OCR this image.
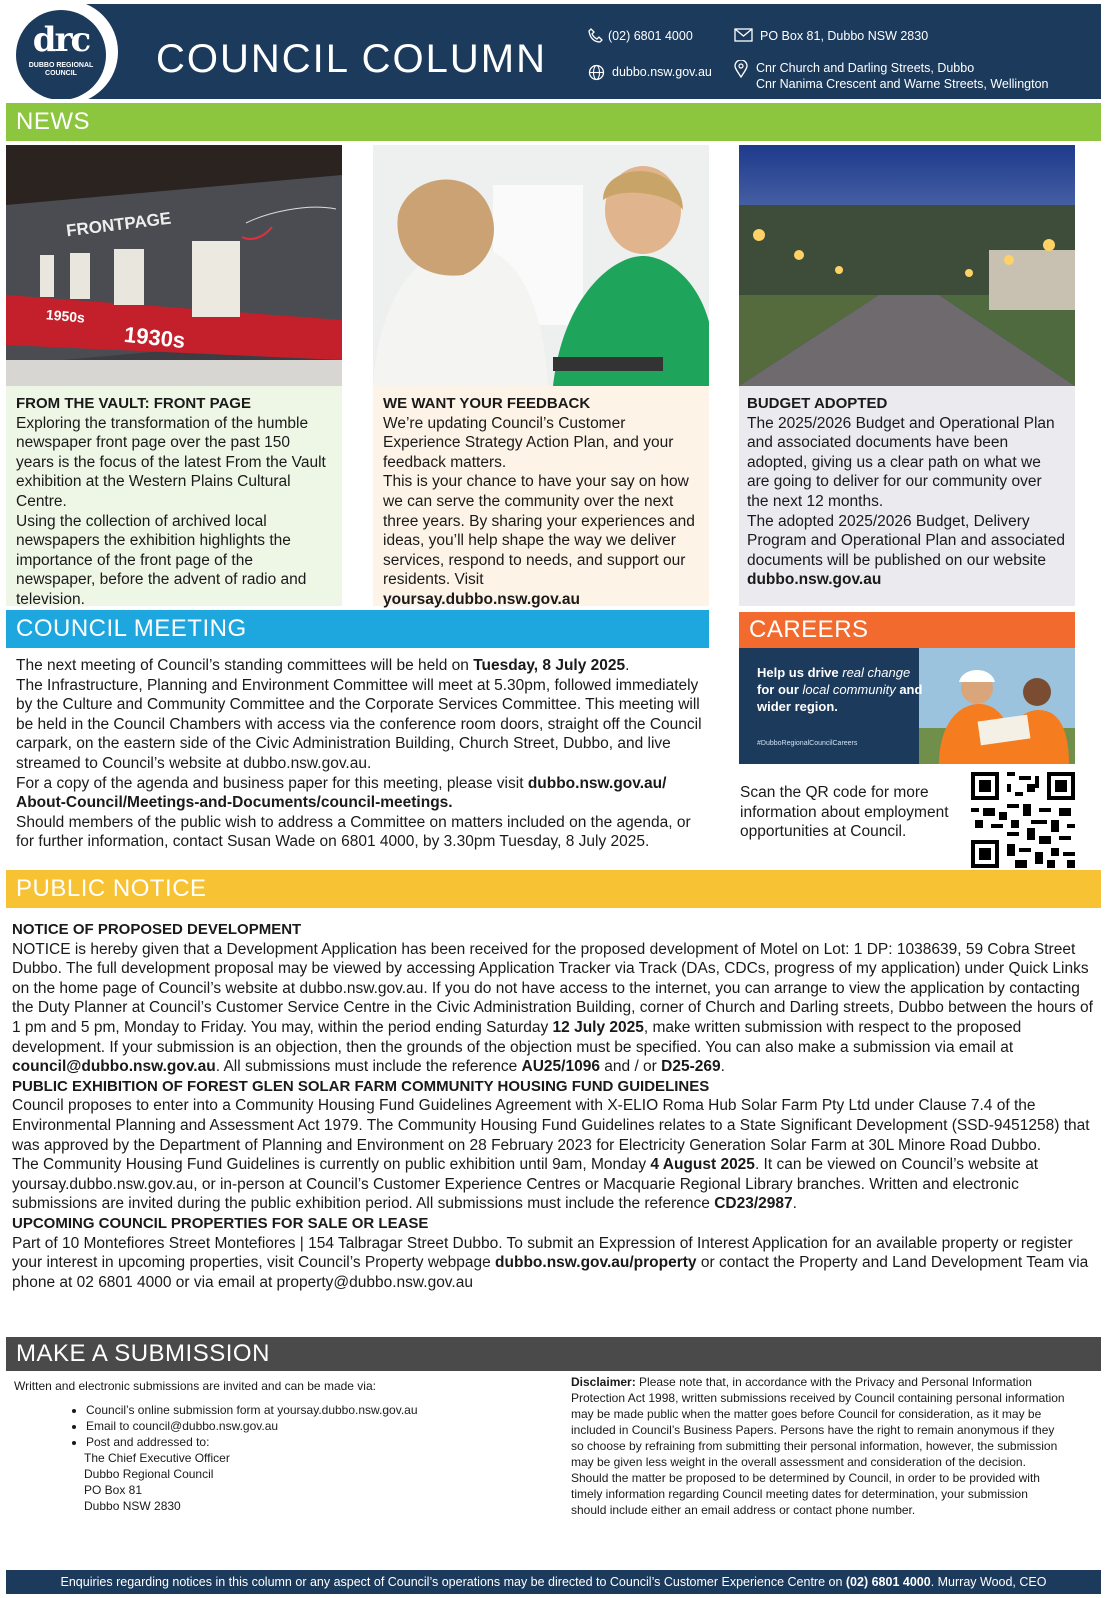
drc
DUBBO REGIONAL
COUNCIL	COUNCIL COLUMN
(02) 6801 4000
dubbo.nsw.gov.au
PO Box 81, Dubbo NSW 2830
Cnr Church and Darling Streets, Dubbo
Cnr Nanima Crescent and Warne Streets, Wellington
NEWS
FRONTPAGE
1950s
1930s
FROM THE VAULT: FRONT PAGE
Exploring the transformation of the humble newspaper front page over the past 150 years is the focus of the latest From the Vault exhibition at the Western Plains Cultural Centre.
Using the collection of archived local newspapers the exhibition highlights the importance of the front page of the newspaper, before the advent of radio and television.
WE WANT YOUR FEEDBACK
We’re updating Council’s Customer Experience Strategy Action Plan, and your feedback matters.
This is your chance to have your say on how we can serve the community over the next three years. By sharing your experiences and ideas, you’ll help shape the way we deliver services, respond to needs, and support our residents. Visit
yoursay.dubbo.nsw.gov.au
BUDGET ADOPTED
The 2025/2026 Budget and Operational Plan and associated documents have been adopted, giving us a clear path on what we are going to deliver for our community over the next 12 months.
The adopted 2025/2026 Budget, Delivery Program and Operational Plan and associated documents will be published on our website
dubbo.nsw.gov.au
COUNCIL MEETING
The next meeting of Council’s standing committees will be held on Tuesday, 8 July 2025.
The Infrastructure, Planning and Environment Committee will meet at 5.30pm, followed immediately by the Culture and Community Committee and the Corporate Services Committee. This meeting will be held in the Council Chambers with access via the conference room doors, straight off the Council carpark, on the eastern side of the Civic Administration Building, Church Street, Dubbo, and live streamed to Council’s website at dubbo.nsw.gov.au.
For a copy of the agenda and business paper for this meeting, please visit dubbo.nsw.gov.au/ About-Council/Meetings-and-Documents/council-meetings.
Should members of the public wish to address a Committee on matters included on the agenda, or for further information, contact Susan Wade on 6801 4000, by 3.30pm Tuesday, 8 July 2025.
CAREERS
Help us drive real change for our local community and wider region.
#DubboRegionalCouncilCareers
Scan the QR code for more information about employment opportunities at Council.
PUBLIC NOTICE
NOTICE OF PROPOSED DEVELOPMENT
NOTICE is hereby given that a Development Application has been received for the proposed development of Motel on Lot: 1 DP: 1038639, 59 Cobra Street Dubbo. The full development proposal may be viewed by accessing Application Tracker via Track (DAs, CDCs, progress of my application) under Quick Links on the home page of Council’s website at dubbo.nsw.gov.au. If you do not have access to the internet, you can arrange to view the application by contacting the Duty Planner at Council’s Customer Service Centre in the Civic Administration Building, corner of Church and Darling streets, Dubbo between the hours of 1 pm and 5 pm, Monday to Friday. You may, within the period ending Saturday 12 July 2025, make written submission with respect to the proposed development. If your submission is an objection, then the grounds of the objection must be specified. You can also make a submission via email at council@dubbo.nsw.gov.au. All submissions must include the reference AU25/1096 and / or D25-269.
PUBLIC EXHIBITION OF FOREST GLEN SOLAR FARM COMMUNITY HOUSING FUND GUIDELINES
Council proposes to enter into a Community Housing Fund Guidelines Agreement with X-ELIO Roma Hub Solar Farm Pty Ltd under Clause 7.4 of the Environmental Planning and Assessment Act 1979. The Community Housing Fund Guidelines relates to a State Significant Development (SSD-9451258) that was approved by the Department of Planning and Environment on 28 February 2023 for Electricity Generation Solar Farm at 30L Minore Road Dubbo.
The Community Housing Fund Guidelines is currently on public exhibition until 9am, Monday 4 August 2025. It can be viewed on Council’s website at yoursay.dubbo.nsw.gov.au, or in-person at Council’s Customer Experience Centres or Macquarie Regional Library branches. Written and electronic submissions are invited during the public exhibition period. All submissions must include the reference CD23/2987.
UPCOMING COUNCIL PROPERTIES FOR SALE OR LEASE
Part of 10 Montefiores Street Montefiores | 154 Talbragar Street Dubbo. To submit an Expression of Interest Application for an available property or register your interest in upcoming properties, visit Council’s Property webpage dubbo.nsw.gov.au/property or contact the Property and Land Development Team via phone at 02 6801 4000 or via email at property@dubbo.nsw.gov.au
MAKE A SUBMISSION
Written and electronic submissions are invited and can be made via:
• Council’s online submission form at yoursay.dubbo.nsw.gov.au
• Email to council@dubbo.nsw.gov.au
• Post and addressed to:
The Chief Executive Officer
Dubbo Regional Council
PO Box 81
Dubbo NSW 2830
Disclaimer: Please note that, in accordance with the Privacy and Personal Information Protection Act 1998, written submissions received by Council containing personal information may be made public when the matter goes before Council for consideration, as it may be included in Council’s Business Papers. Persons have the right to remain anonymous if they so choose by refraining from submitting their personal information, however, the submission may be given less weight in the overall assessment and consideration of the decision. Should the matter be proposed to be determined by Council, in order to be provided with timely information regarding Council meeting dates for determination, your submission should include either an email address or contact phone number.
Enquiries regarding notices in this column or any aspect of Council’s operations may be directed to Council’s Customer Experience Centre on (02) 6801 4000. Murray Wood, CEO
